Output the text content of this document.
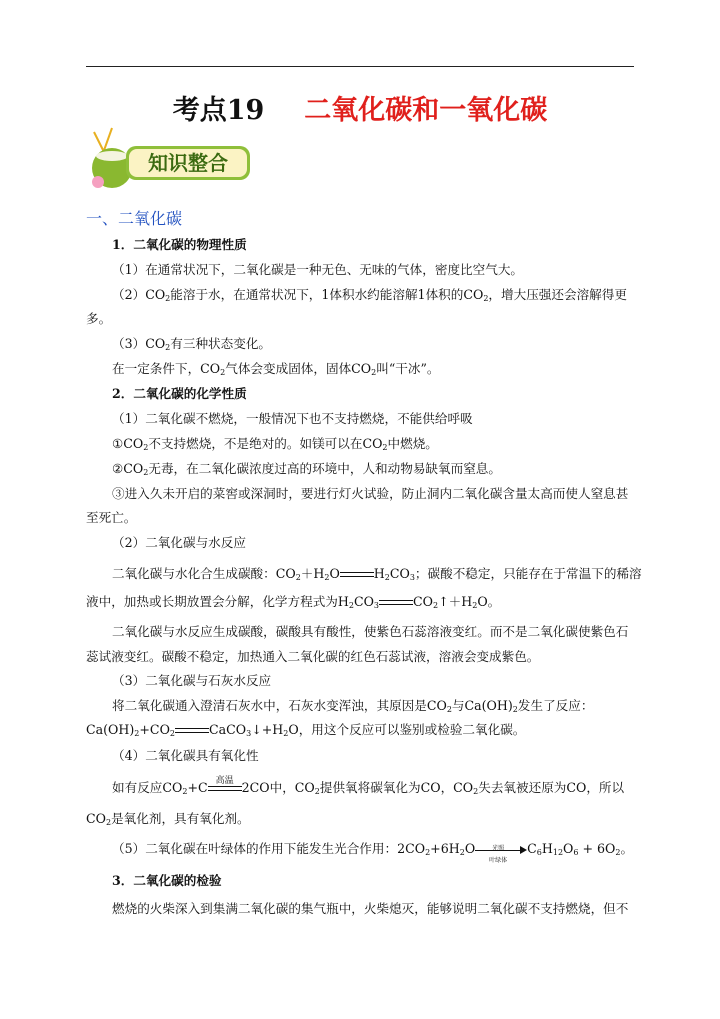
考点19 二氧化碳和一氧化碳
知识整合
一、二氧化碳
1．二氧化碳的物理性质
（1）在通常状况下，二氧化碳是一种无色、无味的气体，密度比空气大。
$(2)CO_2$能溶于水，在通常状况下，1体积水约能溶解1体积的$CO_2$，增大压强还会溶解得更
多。
$(3)CO_2$有三种状态变化。
在一定条件下，$CO_2$气体会变成固体，固体$CO_2$叫“干冰”。
2．二氧化碳的化学性质
（1）二氧化碳不燃烧，一般情况下也不支持燃烧，不能供给呼吸
$①CO_2$不支持燃烧，不是绝对的。如镁可以在$CO_2$中燃烧。
$②CO_2$无毒，在二氧化碳浓度过高的环境中，人和动物易缺氧而窒息。
③进入久未开启的菜窖或深洞时，要进行灯火试验，防止洞内二氧化碳含量太高而使人窒息甚
至死亡。
（2）二氧化碳与水反应
二氧化碳与水化合生成碳酸：$CO_2+H_2O$	$H_2CO_3$；碳酸不稳定，只能存在于常温下的稀溶
液中，加热或长期放置会分解，化学方程式为$H_2CO_3$	$CO_2↑+H_2O$。
二氧化碳与水反应生成碳酸，碳酸具有酸性，使紫色石蕊溶液变红。而不是二氧化碳使紫色石
蕊试液变红。碳酸不稳定，加热通入二氧化碳的红色石蕊试液，溶液会变成紫色。
（3）二氧化碳与石灰水反应
将二氧化碳通入澄清石灰水中，石灰水变浑浊，其原因是$CO_2$与$Ca(OH)_2$发生了反应：
$Ca(OH)_2+CO_2$	$CaCO_3↓+H_2O$，用这个反应可以鉴别或检验二氧化碳。
（4）二氧化碳具有氧化性
如有反应$CO_2+C$ 高温 2CO中，$CO_2$提供氧将碳氧化为CO，$CO_2$失去氧被还原为CO，所以
$CO_2$是氧化剂，具有氧化剂。
（5）二氧化碳在叶绿体的作用下能发生光合作用：$2CO_2+6H_2O$	光照
叶绿体
$C_6H_{12}O_6 + 6O_2$。
3．二氧化碳的检验
燃烧的火柴深入到集满二氧化碳的集气瓶中，火柴熄灭，能够说明二氧化碳不支持燃烧，但不
